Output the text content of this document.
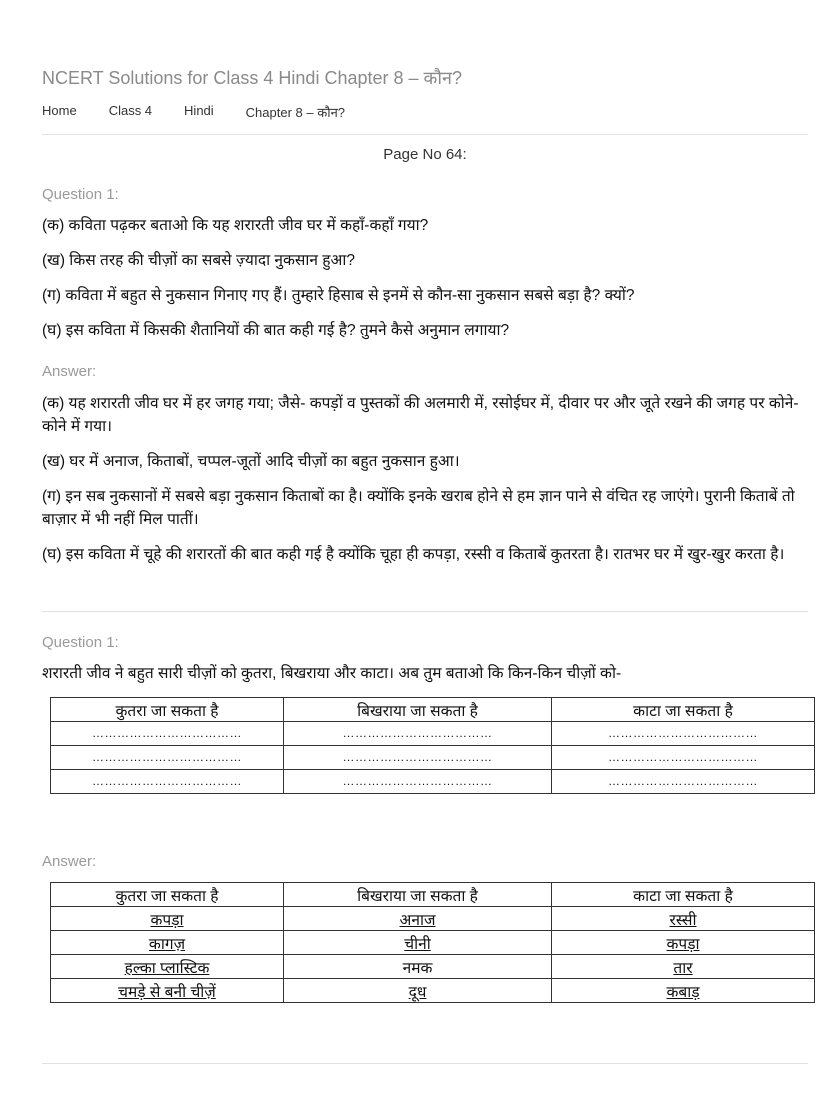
NCERT Solutions for Class 4 Hindi Chapter 8 – कौन?
Home Class 4 Hindi Chapter 8 – कौन?
Page No 64:
Question 1:
(क) कविता पढ़कर बताओ कि यह शरारती जीव घर में कहाँ-कहाँ गया?
(ख) किस तरह की चीज़ों का सबसे ज़्यादा नुकसान हुआ?
(ग) कविता में बहुत से नुकसान गिनाए गए हैं। तुम्हारे हिसाब से इनमें से कौन-सा नुकसान सबसे बड़ा है? क्यों?
(घ) इस कविता में किसकी शैतानियों की बात कही गई है? तुमने कैसे अनुमान लगाया?
Answer:
(क) यह शरारती जीव घर में हर जगह गया; जैसे- कपड़ों व पुस्तकों की अलमारी में, रसोईघर में, दीवार पर और जूते रखने की जगह पर कोने-कोने में गया।
(ख) घर में अनाज, किताबों, चप्पल-जूतों आदि चीज़ों का बहुत नुकसान हुआ।
(ग) इन सब नुकसानों में सबसे बड़ा नुकसान किताबों का है। क्योंकि इनके खराब होने से हम ज्ञान पाने से वंचित रह जाएंगे। पुरानी किताबें तो बाज़ार में भी नहीं मिल पातीं।
(घ) इस कविता में चूहे की शरारतों की बात कही गई है क्योंकि चूहा ही कपड़ा, रस्सी व किताबें कुतरता है। रातभर घर में खुर-खुर करता है।
Question 1:
शरारती जीव ने बहुत सारी चीज़ों को कुतरा, बिखराया और काटा। अब तुम बताओ कि किन-किन चीज़ों को-
कुतरा जा सकता है	बिखराया जा सकता है	काटा जा सकता है
………………………………	………………………………	………………………………
………………………………	………………………………	………………………………
………………………………	………………………………	………………………………
Answer:
कुतरा जा सकता है	बिखराया जा सकता है	काटा जा सकता है
कपड़ा	अनाज	रस्सी
कागज़	चीनी	कपड़ा
हल्का प्लास्टिक	नमक	तार
चमड़े से बनी चीज़ें	दूध	कबाड़
